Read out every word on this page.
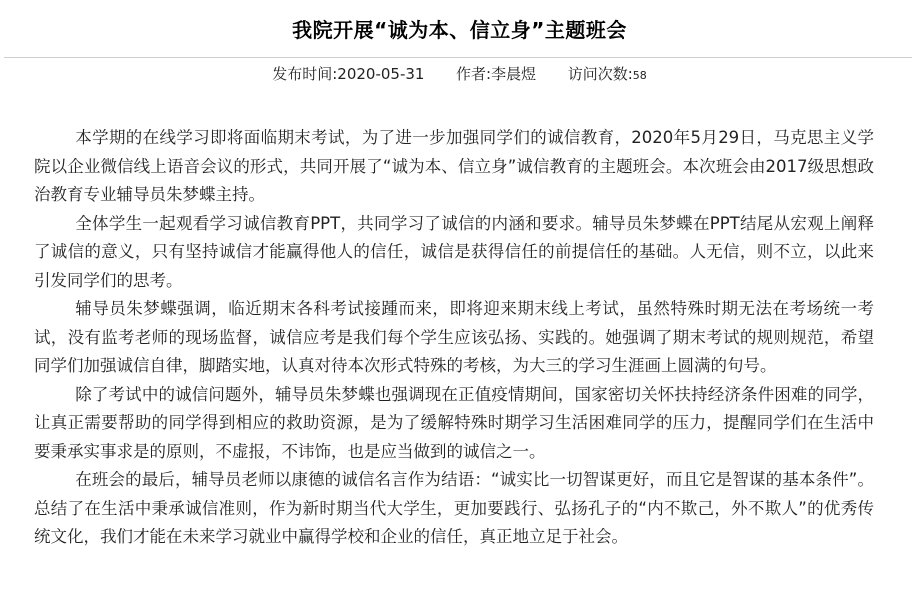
我院开展“诚为本、信立身”主题班会
发布时间:2020-05-31 作者:李晨煜 访问次数:58

本学期的在线学习即将面临期末考试，为了进一步加强同学们的诚信教育，2020年5月29日，马克思主义学院以企业微信线上语音会议的形式，共同开展了“诚为本、信立身”诚信教育的主题班会。本次班会由2017级思想政治教育专业辅导员朱梦蝶主持。

全体学生一起观看学习诚信教育PPT，共同学习了诚信的内涵和要求。辅导员朱梦蝶在PPT结尾从宏观上阐释了诚信的意义，只有坚持诚信才能赢得他人的信任，诚信是获得信任的前提信任的基础。人无信，则不立，以此来引发同学们的思考。

辅导员朱梦蝶强调，临近期末各科考试接踵而来，即将迎来期末线上考试，虽然特殊时期无法在考场统一考试，没有监考老师的现场监督，诚信应考是我们每个学生应该弘扬、实践的。她强调了期末考试的规则规范，希望同学们加强诚信自律，脚踏实地，认真对待本次形式特殊的考核，为大三的学习生涯画上圆满的句号。

除了考试中的诚信问题外，辅导员朱梦蝶也强调现在正值疫情期间，国家密切关怀扶持经济条件困难的同学，让真正需要帮助的同学得到相应的救助资源，是为了缓解特殊时期学习生活困难同学的压力，提醒同学们在生活中要秉承实事求是的原则，不虚报，不讳饰，也是应当做到的诚信之一。

在班会的最后，辅导员老师以康德的诚信名言作为结语：“诚实比一切智谋更好，而且它是智谋的基本条件”。总结了在生活中秉承诚信准则，作为新时期当代大学生，更加要践行、弘扬孔子的“内不欺己，外不欺人”的优秀传统文化，我们才能在未来学习就业中赢得学校和企业的信任，真正地立足于社会。
